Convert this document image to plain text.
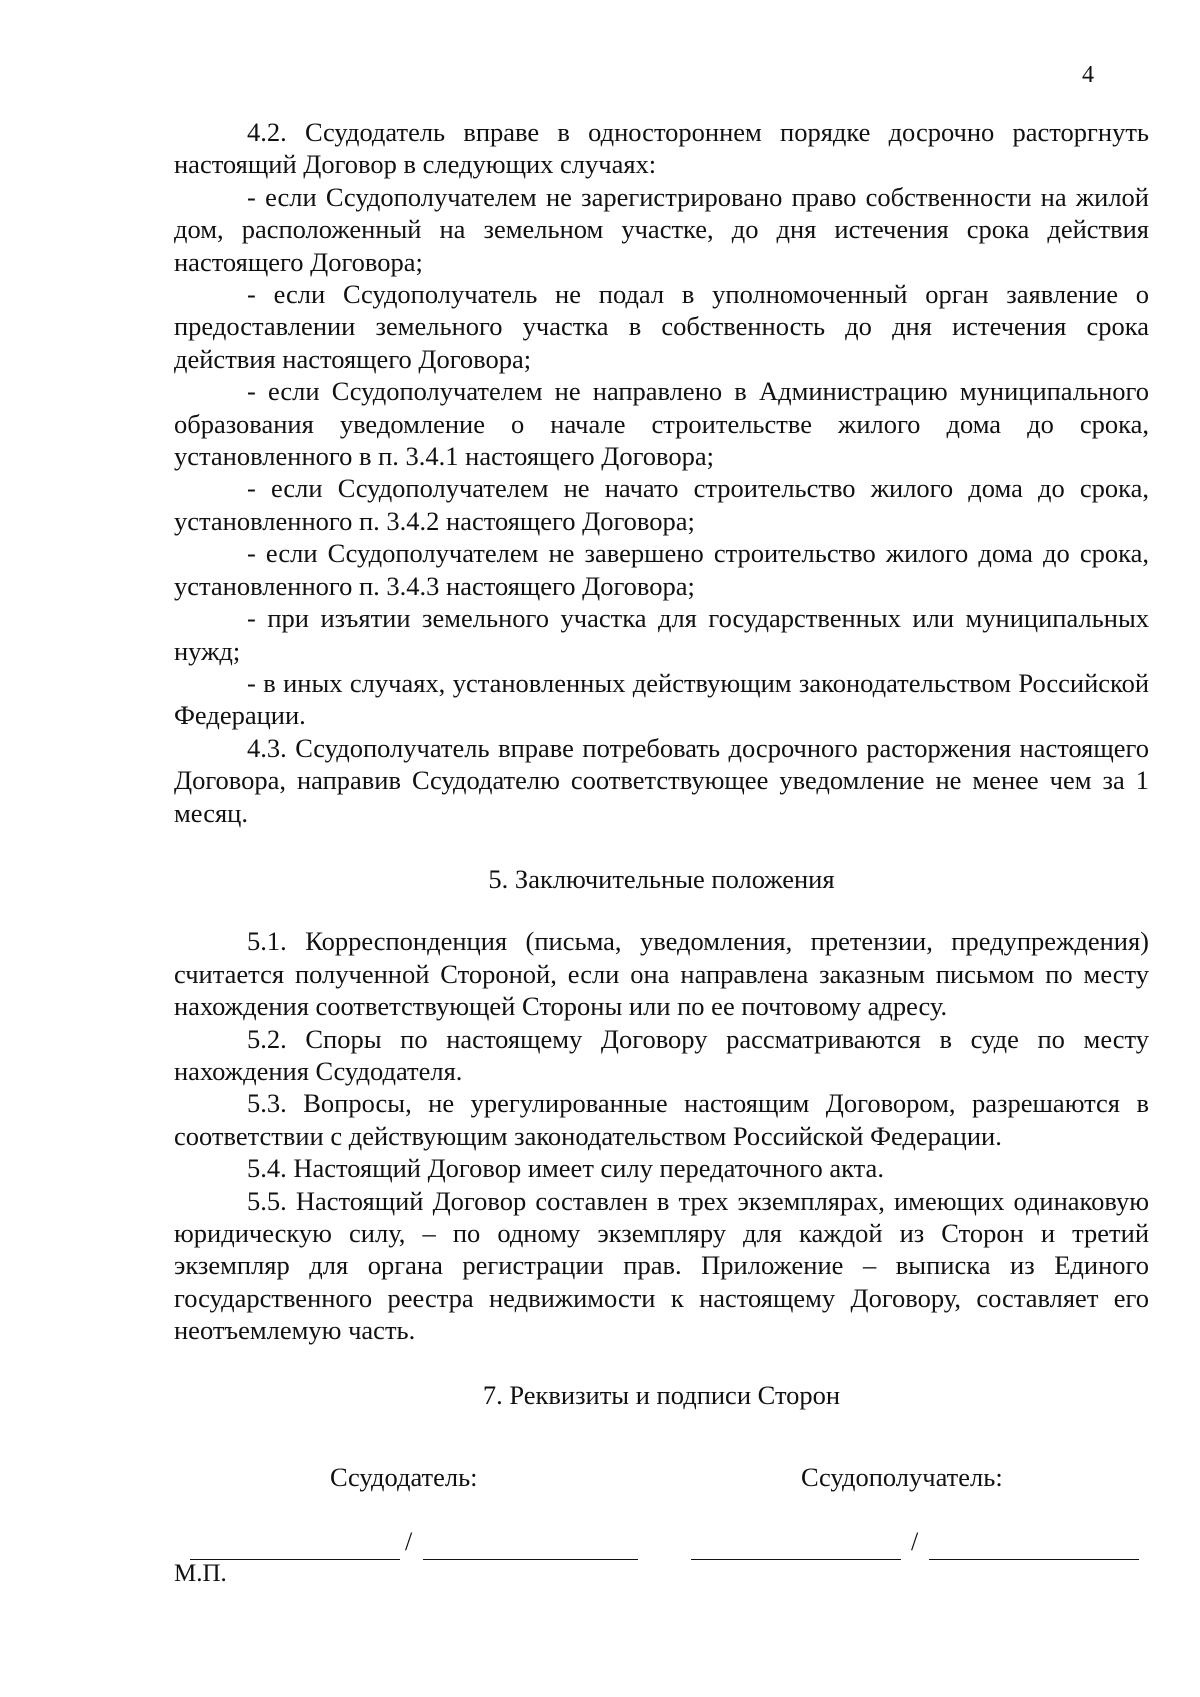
4

4.2. Ссудодатель вправе в одностороннем порядке досрочно расторгнуть настоящий Договор в следующих случаях:

- если Ссудополучателем не зарегистрировано право собственности на жилой дом, расположенный на земельном участке, до дня истечения срока действия настоящего Договора;

- если Ссудополучатель не подал в уполномоченный орган заявление о предоставлении земельного участка в собственность до дня истечения срока действия настоящего Договора;

- если Ссудополучателем не направлено в Администрацию муниципального образования уведомление о начале строительстве жилого дома до срока, установленного в п. 3.4.1 настоящего Договора;

- если Ссудополучателем не начато строительство жилого дома до срока, установленного п. 3.4.2 настоящего Договора;

- если Ссудополучателем не завершено строительство жилого дома до срока, установленного п. 3.4.3 настоящего Договора;

- при изъятии земельного участка для государственных или муниципальных нужд;

- в иных случаях, установленных действующим законодательством Российской Федерации.

4.3. Ссудополучатель вправе потребовать досрочного расторжения настоящего Договора, направив Ссудодателю соответствующее уведомление не менее чем за 1 месяц.

5. Заключительные положения

5.1. Корреспонденция (письма, уведомления, претензии, предупреждения) считается полученной Стороной, если она направлена заказным письмом по месту нахождения соответствующей Стороны или по ее почтовому адресу.

5.2. Споры по настоящему Договору рассматриваются в суде по месту нахождения Ссудодателя.

5.3. Вопросы, не урегулированные настоящим Договором, разрешаются в соответствии с действующим законодательством Российской Федерации.

5.4. Настоящий Договор имеет силу передаточного акта.

5.5. Настоящий Договор составлен в трех экземплярах, имеющих одинаковую юридическую силу, – по одному экземпляру для каждой из Сторон и третий экземпляр для органа регистрации прав. Приложение – выписка из Единого государственного реестра недвижимости к настоящему Договору, составляет его неотъемлемую часть.

7. Реквизиты и подписи Сторон

Ссудодатель:	Ссудополучатель:
/	/
М.П.
